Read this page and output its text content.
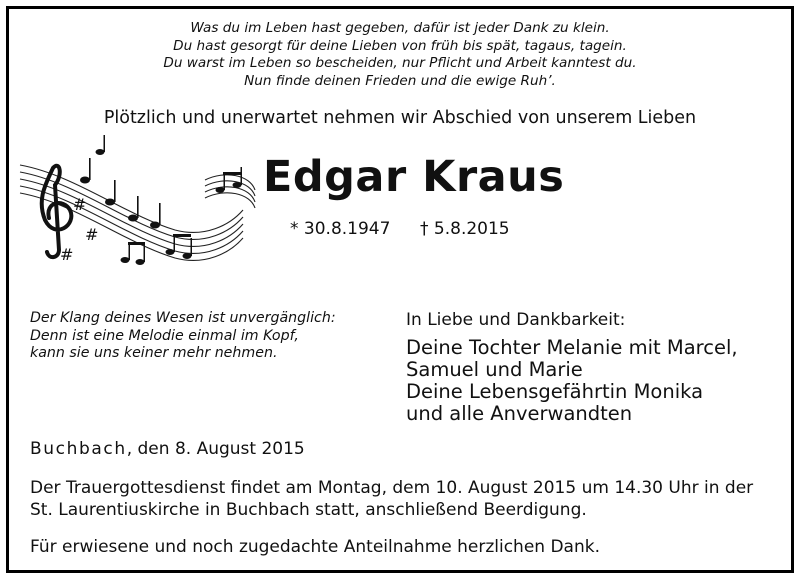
Was du im Leben hast gegeben, dafür ist jeder Dank zu klein.
Du hast gesorgt für deine Lieben von früh bis spät, tagaus, tagein.
Du warst im Leben so bescheiden, nur Pflicht und Arbeit kanntest du.
Nun finde deinen Frieden und die ewige Ruh’.
Plötzlich und unerwartet nehmen wir Abschied von unserem Lieben
#
#
#
Edgar Kraus
* 30.8.1947 † 5.8.2015
Der Klang deines Wesen ist unvergänglich:
Denn ist eine Melodie einmal im Kopf,
kann sie uns keiner mehr nehmen.
In Liebe und Dankbarkeit:
Deine Tochter Melanie mit Marcel,
Samuel und Marie
Deine Lebensgefährtin Monika
und alle Anverwandten
Buchbach, den 8. August 2015
Der Trauergottesdienst findet am Montag, dem 10. August 2015 um 14.30 Uhr in der
St. Laurentiuskirche in Buchbach statt, anschließend Beerdigung.
Für erwiesene und noch zugedachte Anteilnahme herzlichen Dank.
